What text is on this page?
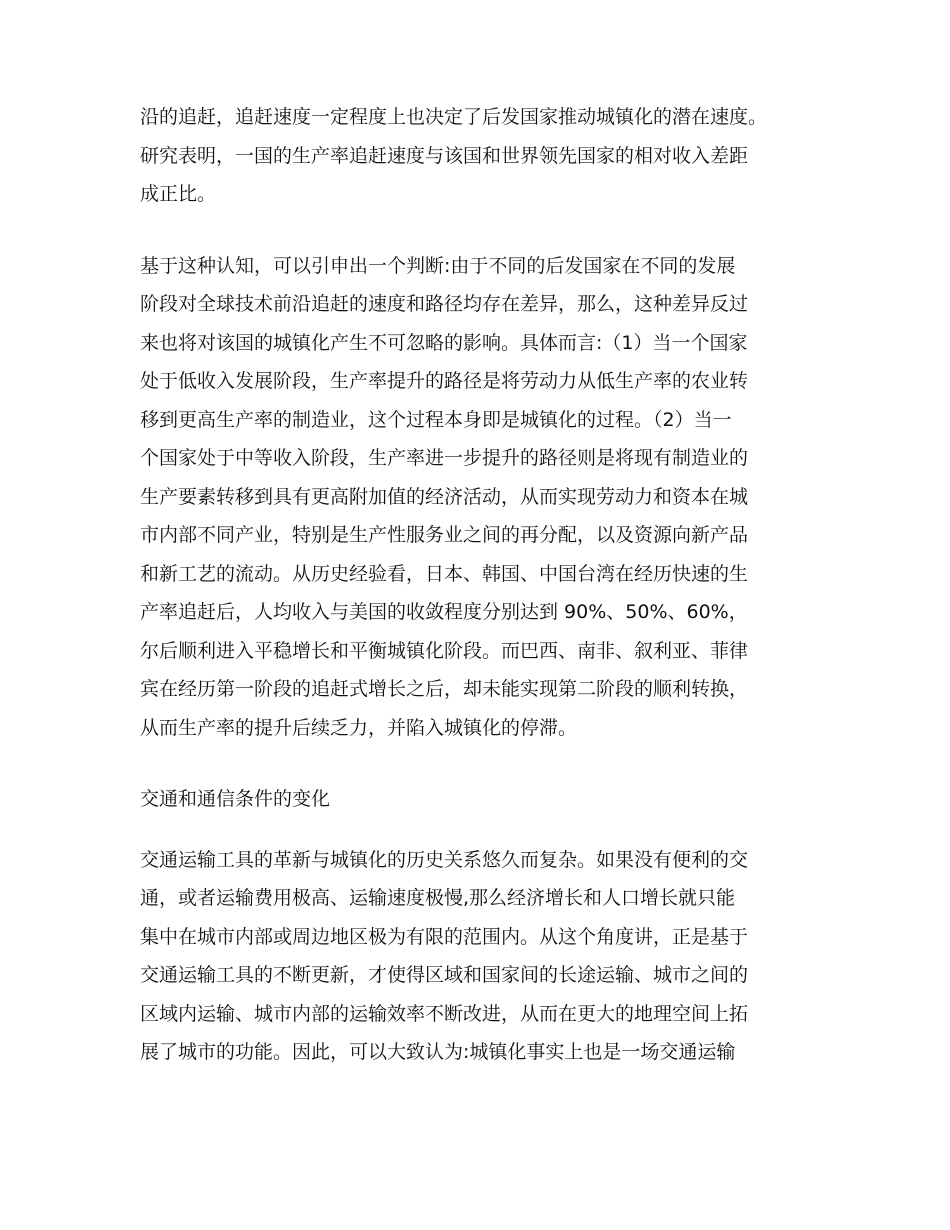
沿的追赶，追赶速度一定程度上也决定了后发国家推动城镇化的潜在速度。
研究表明，一国的生产率追赶速度与该国和世界领先国家的相对收入差距
成正比。
基于这种认知，可以引申出一个判断:由于不同的后发国家在不同的发展
阶段对全球技术前沿追赶的速度和路径均存在差异，那么，这种差异反过
来也将对该国的城镇化产生不可忽略的影响。具体而言:（1）当一个国家
处于低收入发展阶段，生产率提升的路径是将劳动力从低生产率的农业转
移到更高生产率的制造业，这个过程本身即是城镇化的过程。（2）当一
个国家处于中等收入阶段，生产率进一步提升的路径则是将现有制造业的
生产要素转移到具有更高附加值的经济活动，从而实现劳动力和资本在城
市内部不同产业，特别是生产性服务业之间的再分配，以及资源向新产品
和新工艺的流动。从历史经验看，日本、韩国、中国台湾在经历快速的生
产率追赶后，人均收入与美国的收敛程度分别达到 90%、50%、60%，
尔后顺利进入平稳增长和平衡城镇化阶段。而巴西、南非、叙利亚、菲律
宾在经历第一阶段的追赶式增长之后，却未能实现第二阶段的顺利转换，
从而生产率的提升后续乏力，并陷入城镇化的停滞。
交通和通信条件的变化
交通运输工具的革新与城镇化的历史关系悠久而复杂。如果没有便利的交
通，或者运输费用极高、运输速度极慢,那么经济增长和人口增长就只能
集中在城市内部或周边地区极为有限的范围内。从这个角度讲，正是基于
交通运输工具的不断更新，才使得区域和国家间的长途运输、城市之间的
区域内运输、城市内部的运输效率不断改进，从而在更大的地理空间上拓
展了城市的功能。因此，可以大致认为:城镇化事实上也是一场交通运输
